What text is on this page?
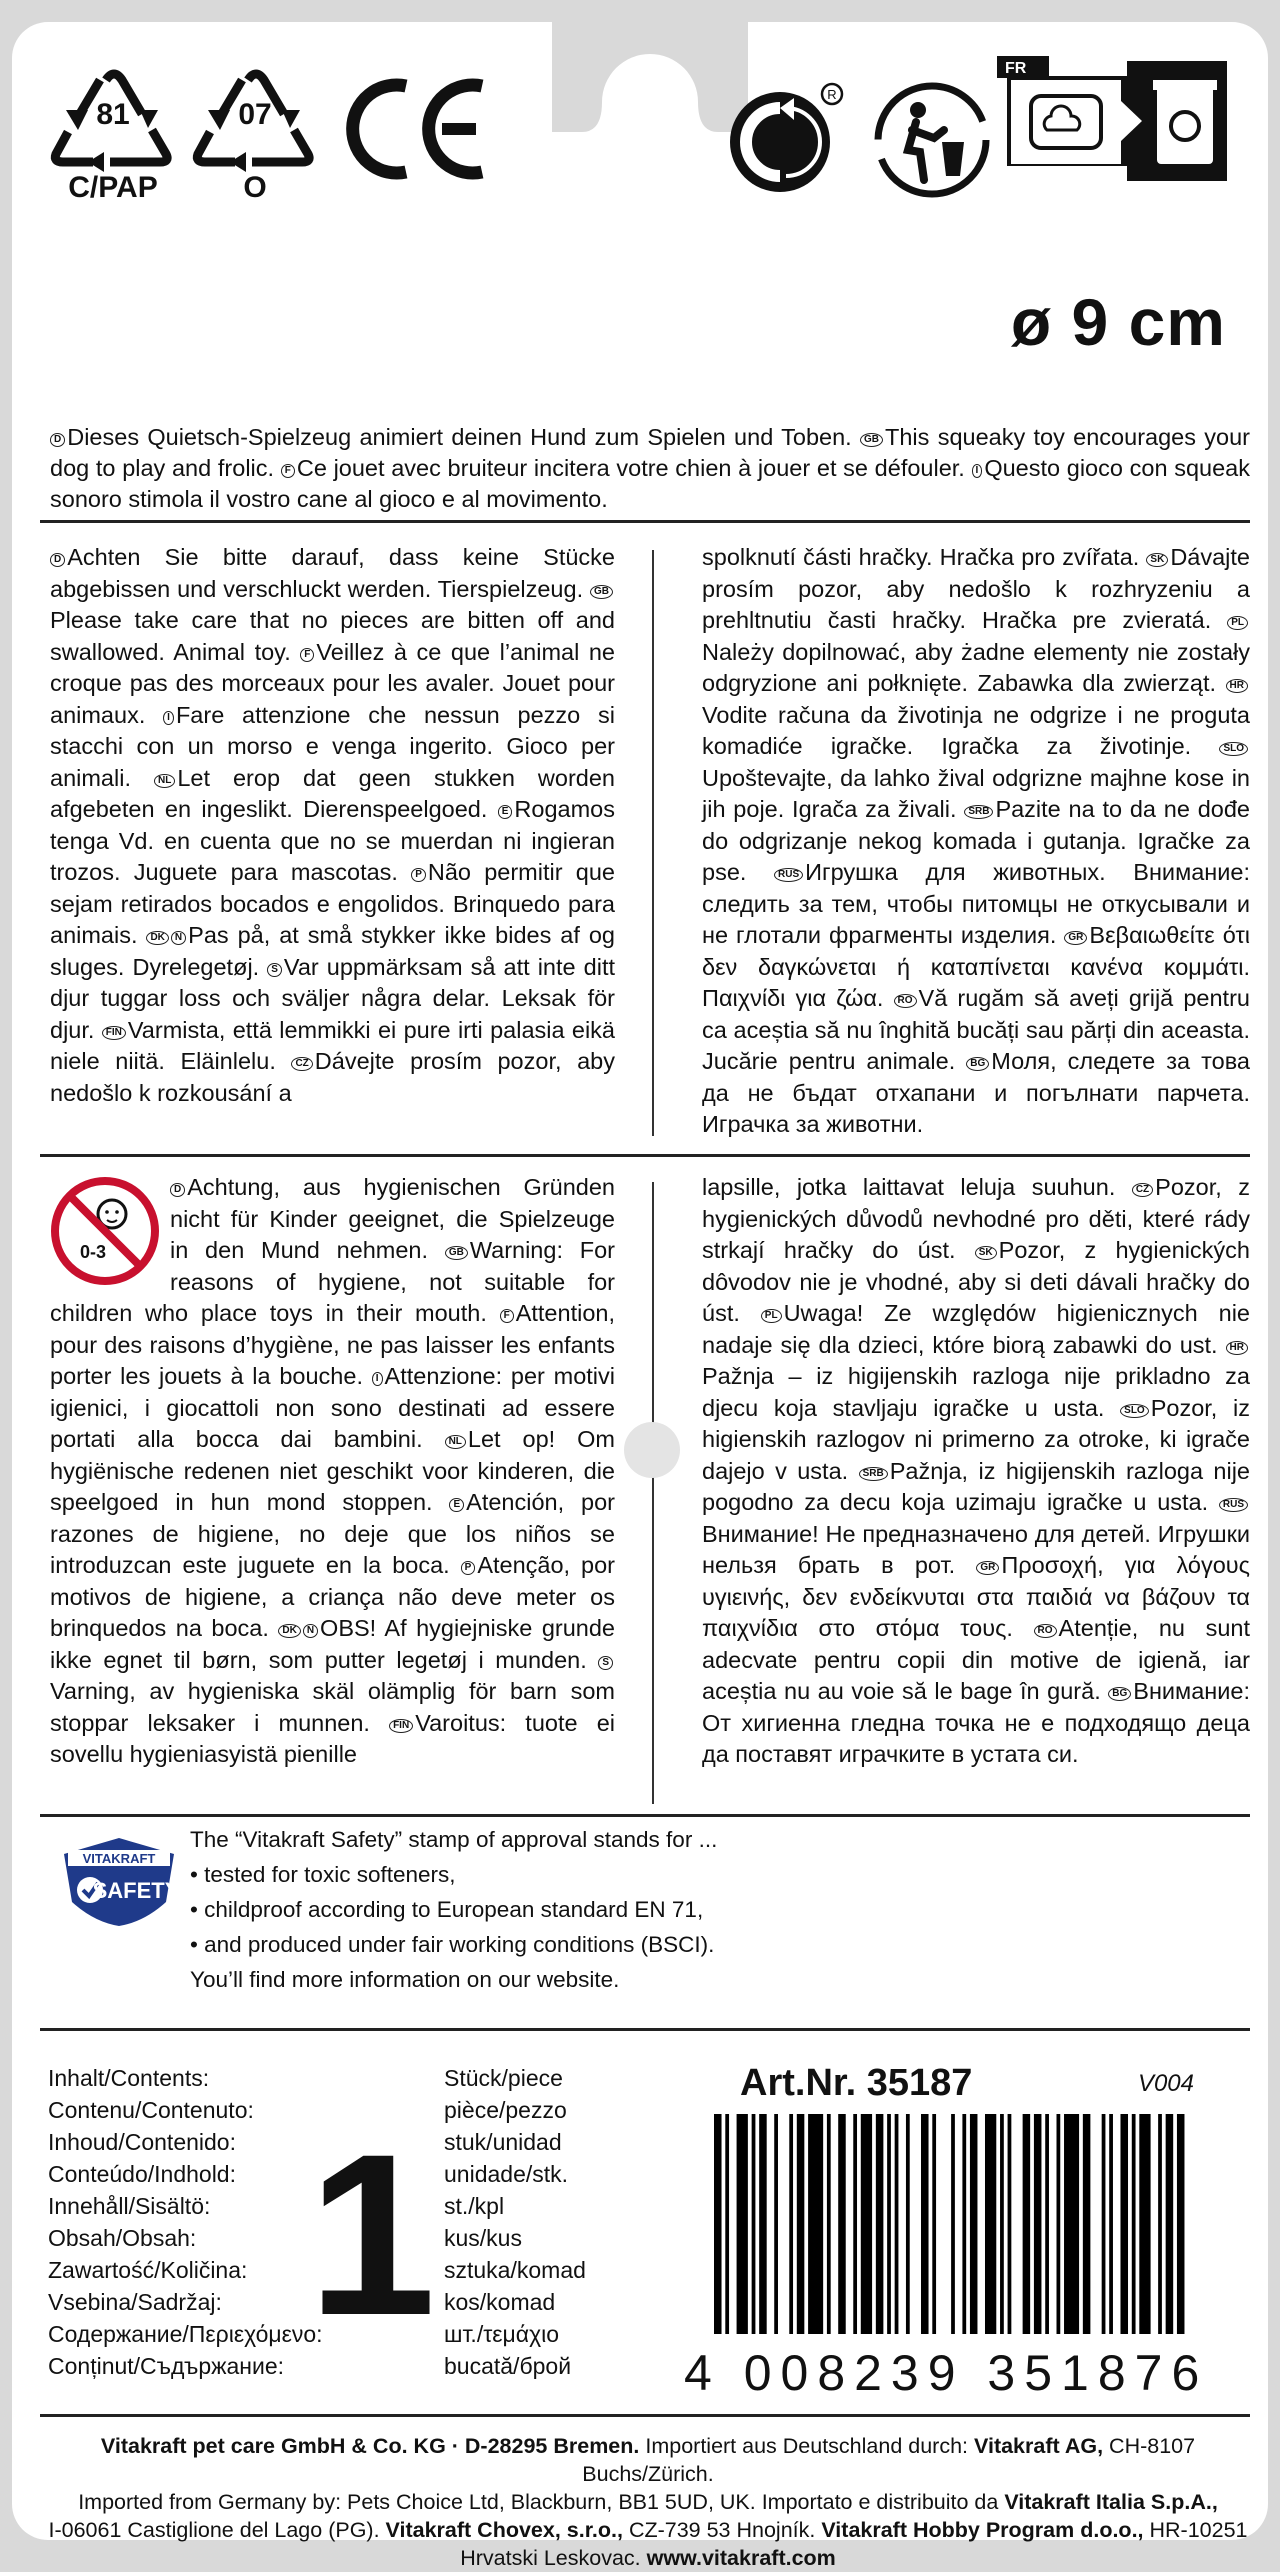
81
C/PAP
07
O
R
FR
ø 9 cm
D Dieses Quietsch-Spielzeug animiert deinen Hund zum Spielen und Toben. GB This squeaky toy encourages your dog to play and frolic. F Ce jouet avec bruiteur incitera votre chien à jouer et se défouler. I Questo gioco con squeak sonoro stimola il vostro cane al gioco e al movimento.
D Achten Sie bitte darauf, dass keine Stücke abgebissen und verschluckt werden. Tierspielzeug. GBPlease take care that no pieces are bitten off and swallowed. Animal toy. F Veillez à ce que l’animal ne croque pas des morceaux pour les avaler. Jouet pour animaux. I Fare attenzione che nessun pezzo si stacchi con un morso e venga ingerito. Gioco per animali. NL Let erop dat geen stukken worden afgebeten en ingeslikt. Dierenspeelgoed. E Rogamos tenga Vd. en cuenta que no se muerdan ni ingieran trozos. Juguete para mascotas. P Não permitir que sejam retirados bocados e engolidos. Brinquedo para animais. DK N Pas på, at små stykker ikke bides af og sluges. Dyrelegetøj. S Var uppmärksam så att inte ditt djur tuggar loss och sväljer några delar. Leksak för djur. FIN Varmista, että lemmikki ei pure irti palasia eikä niele niitä. Eläinlelu. CZ Dávejte prosím pozor, aby nedošlo k rozkousání a
spolknutí části hračky. Hračka pro zvířata. SK Dávajte prosím pozor, aby nedošlo k rozhryzeniu a prehltnutiu časti hračky. Hračka pre zvieratá. PLNależy dopilnować, aby żadne elementy nie zostały odgryzione ani połknięte. Zabawka dla zwierząt. HRVodite računa da životinja ne odgrize i ne proguta komadiće igračke. Igračka za životinje. SLOUpoštevajte, da lahko žival odgrizne majhne kose in jih poje. Igrača za živali. SRB Pazite na to da ne dođe do odgrizanje nekog komada i gutanja. Igračke za pse. RUS Игрушка для животных. Внимание: следить за тем, чтобы питомцы не откусывали и не глотали фрагменты изделия. GR Βεβαιωθείτε ότι δεν δαγκώνεται ή καταπίνεται κανένα κομμάτι. Παιχνίδι για ζώα. RO Vă rugăm să aveți grijă pentru ca aceștia să nu înghită bucăți sau părți din aceasta. Jucărie pentru animale. BG Моля, следете за това да не бъдат отхапани и погълнати парчета. Играчка за животни.
0-3
D Achtung, aus hygienischen Gründen nicht für Kinder geeignet, die Spielzeuge in den Mund nehmen. GB Warning: For reasons of hygiene, not suitable for children who place toys in their mouth. F Attention, pour des raisons d’hygiène, ne pas laisser les enfants porter les jouets à la bouche. I Attenzione: per motivi igienici, i giocattoli non sono destinati ad essere portati alla bocca dai bambini. NL Let op! Om hygiënische redenen niet geschikt voor kinderen, die speelgoed in hun mond stoppen. E Atención, por razones de higiene, no deje que los niños se introduzcan este juguete en la boca. P Atenção, por motivos de higiene, a criança não deve meter os brinquedos na boca. DK N OBS! Af hygiejniske grunde ikke egnet til børn, som putter legetøj i munden. SVarning, av hygieniska skäl olämplig för barn som stoppar leksaker i munnen. FIN Varoitus: tuote ei sovellu hygieniasyistä pienille
lapsille, jotka laittavat leluja suuhun. CZ Pozor, z hygienických důvodů nevhodné pro děti, které rády strkají hračky do úst. SK Pozor, z hygienických dôvodov nie je vhodné, aby si deti dávali hračky do úst. PL Uwaga! Ze względów higienicznych nie nadaje się dla dzieci, które biorą zabawki do ust. HRPažnja – iz higijenskih razloga nije prikladno za djecu koja stavljaju igračke u usta. SLO Pozor, iz higienskih razlogov ni primerno za otroke, ki igrače dajejo v usta. SRB Pažnja, iz higijenskih razloga nije pogodno za decu koja uzimaju igračke u usta. RUSВнимание! Не предназначено для детей. Игрушки нельзя брать в рот. GR Προσοχή, για λόγους υγιεινής, δεν ενδείκνυται στα παιδιά να βάζουν τα παιχνίδια στο στόμα τους. RO Atenție, nu sunt adecvate pentru copii din motive de igienă, iar aceștia nu au voie să le bage în gură. BG Внимание: От хигиенна гледна точка не е подходящо деца да поставят играчките в устата си.
VITAKRAFT
SAFETY
The “Vitakraft Safety” stamp of approval stands for ...
• tested for toxic softeners,
• childproof according to European standard EN 71,
• and produced under fair working conditions (BSCI).
You’ll find more information on our website.
Inhalt/Contents:
Contenu/Contenuto:
Inhoud/Contenido:
Conteúdo/Indhold:
Innehåll/Sisältö:
Obsah/Obsah:
Zawartość/Količina:
Vsebina/Sadržaj:
Содержание/Περιεχόμενο:
Conținut/Съдържание:
1
Stück/piece
pièce/pezzo
stuk/unidad
unidade/stk.
st./kpl
kus/kus
sztuka/komad
kos/komad
шт./τεμάχιο
bucată/брой
Art.Nr. 35187	V004
4 008239 351876
Vitakraft pet care GmbH & Co. KG · D-28295 Bremen. Importiert aus Deutschland durch: Vitakraft AG, CH-8107 Buchs/Zürich.
Imported from Germany by: Pets Choice Ltd, Blackburn, BB1 5UD, UK. Importato e distribuito da Vitakraft Italia S.p.A.,
I-06061 Castiglione del Lago (PG). Vitakraft Chovex, s.r.o., CZ-739 53 Hnojník. Vitakraft Hobby Program d.o.o., HR-10251
Hrvatski Leskovac. www.vitakraft.com
